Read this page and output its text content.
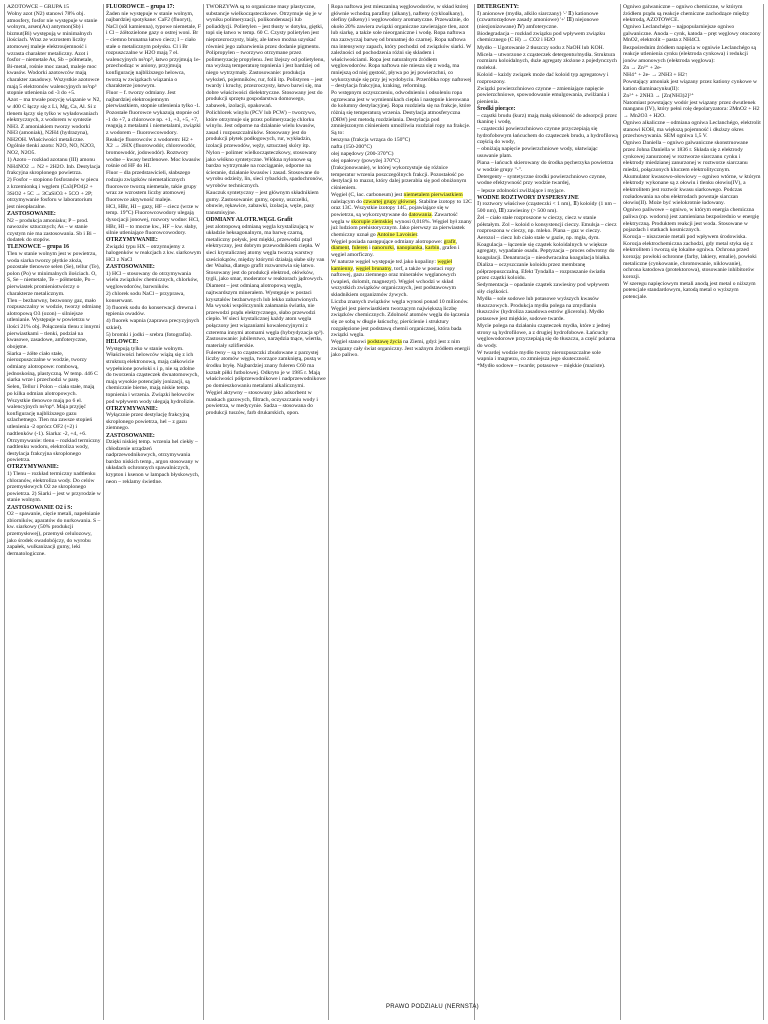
AZOTOWCE – GRUPA 15
Wolny azot (N2) stanowi 78% obj. atmosfery, fosfor nie występuje w stanie wolnym, arsen(As) antymon(Sb) i bizmut(Bi) występują w minimalnych ilościach. Wraz ze wzrostem liczby atomowej maleje elektroujemność i wzrasta charakter metaliczny. Azot i fosfor – niemetale As, Sb – półmetale, Bi-metal, rośnie moc zasad, maleje moc kwasów. Wodorki azotowców mają charakter zasadowy. Wszystkie azotowce mają 5 elektronów walencyjnych ns²np³ stopnie utlenienia od -3 do +5.
Azot – ma trwałe pozycję wiązanie w N2, w 400 C łączy się z Li, Mg, Ca, Al. Si z tlenem łączy się tylko w wyładowaniach elektrycznych, z wodorem w syntezie NH3. Z amoniakiem tworzy wodorki NH3 (amoniak), N2H4 (hydrazyna), NH2OH. Właściwości metaliczne. Ogólnie tlenki azotu: N2O, NO, N2O3, NO2, N2O5.
1) Azoto – rozkład azotanu (III) amonu NH4NO2 → N2 + 2H2O. Inb. Destylacja frakcyjna skroplonego powietrza.
2) Fosfor – stopiono fosforanów w piecu z krzemionką i węglem (Ca3(PO4)2 + 3SiO2 + 5C → 3CaSiO3 + 5CO + 2P; otrzymywanie fosforu w laboratorium jest nieopłacalne.
ZASTOSOWANIE:
N2 – produkcja amoniaku; P – prod. nawozów sztucznych; As – w stanie czystym nie ma zastosowania. Sb i Bi – dodatek do stopów.
TLENOWCE – grupa 16
Tlen w stanie wolnym jest w powietrzu, woda siarka tworzy płytkie złoża, pozostałe tlenowce selen (Se), tellur (Te), polon (Po) w minimalnych ilościach. O, S, Se – niemetale, Te – półmetale, Po – pierwiastek promieniotwórczy o charakterze metalicznym.
Tlen – bezbarwny, bezwonny gaz, mało rozpuszczalny w wodzie, tworzy odmianę alotropową O3 (ozon) – silniejsze utlenianie. Występuje w powietrzu w ilości 21% obj. Połączenia tlenu z innymi pierwiastkami – tlenki, podział na kwasowe, zasadowe, amfoteryczne, obojętne.
Siarka – żółte ciało stałe, nierozpuszczalne w wodzie, tworzy odmiany alotropowe: rombową, jednoskośną, plastyczną. W temp. 446 C siarka wrze i przechodzi w parę.
Selen, Tellur i Polon – ciała stałe, mają po kilka odmian alotropowych. Wszystkie tlenowce mają po 6 el. walencyjnych ns²np⁴. Maja przyjęć konfigurację najbliższego gazu szlachetnego. Tlen ma zawsze stopień utlenienia -2 oprócz OF2 (+2) i nadtlenków (-1). Siarka: -2, +4, +6.
Otrzymywanie: tlenu – rozkład termiczny nadtlenku wodoru, elektroliza wody, destylacja frakcyjna skroplonego powietrza.
OTRZYMYWANIE:
1) Tlenu – rozkład termiczny nadtlenku chloranów, elektroliza wody. Do celów przemysłowych O2 ze skroplonego powietrza. 2) Siarki – jest w przyrodzie w stanie wolnym.
ZASTOSOWANIE O2 i S:
O2 – spawanie, cięcie metali, napełnianie zbiorników, aparatów do nurkowania. S – kw. siarkowy (50% produkcji przemysłowej), przemysł celulozowy, jako środek owadobójczy, do wyrobu zapałek, wulkanizacji gumy, leki dermatologiczne.
FLUOROWCE – grupa 17:
Żaden nie występuje w stanie wolnym, najbardziej spotykane: CaF2 (fluoryt), NaCl (sól kamienna), typowe niemetale, F i Cl – żółtozielone gazy o ostrej woni. Br – ciemno brunatna łatwo ciecz; I – ciało stałe o metalicznym połysku. Cl i Br rozpuszczalne w H2O mają 7 el. walencyjnych ns²np⁵, łatwo przyjmują 1e- przechodząc w aniony, przyjmują konfigurację najbliższego helowca, tworzą w związkach wiązania o charakterze jonowym.
Fluor – f. tworzy odmiany. Jest najbardziej elektroujemnym pierwiastkiem, stopnie utlenienia tylko -1. Pozostałe fluorowce wykazują stopnie od -1 do +7, a chlorowce np. +1, +3, +5, +7, reagują z metalami i niemetalami, związki z wodorem – fluorowcowodory.
Reakcje fluorowców z wodorem: H2 + X2 → 2HX (fluorowodór, chlorowodór, bromowodór, jodowodór). Roztwory wodne – kwasy beztlenowe. Moc kwasów rośnie od HF do HI.
Fluor – dla przedstawicieli, słabszego rodzaju związków niemetalicznych fluorowce tworzą niemetale, takie grupy wraz ze wzrostem liczby atomowej fluorowce aktywność maleje.
HCl, HBr, HI – gazy, HF – ciecz (wrze w temp. 19°C) Fluorowcowodory ulegają dysocjacji jonowej, rozwory wodne: HCl, HBr, HI – to mocne kw., HF – kw. słaby, silnie utleniające fluorowcowodory.
OTRZYMYWANIE:
Związki typu HX – otrzymujemy z halogenków w reakcjach z kw. siarkowym HCl z NaCl
ZASTOSOWANIE:
1) HCl – stosowany do otrzymywania wielu związków chemicznych, chlorków, węglowodorów, barwników.
2) chlorek sodu NaCl – przyprawa, konserwant.
3) fluorek sodu do konserwacji drewna i tępienia owadów.
4) fluorek wapnia (zaprawa precyzyjnych szkieł).
5) bromki i jodki – srebra (fotografia).
HELOWCE:
Występują tylko w stanie wolnym. Właściwości helowców wiążą się z ich strukturą elektronową, mają całkowicie wypełnione powłoki s i p, nie są zdolne do tworzenia cząsteczek dwuatomowych, mają wysokie potencjały jonizacji, są chemicznie bierne, mają niskie temp. topnienia i wrzenia. Związki helowców pod wpływem wody ulegają hydrolizie.
OTRZYMYWANIE:
Wyłącznie przez destylację frakcyjną skroplonego powietrza, hel – z gazu ziemnego.
ZASTOSOWANIE:
Dzięki niskiej temp. wrzenia hel ciekły – chłodzenie urządzeń nadprzewodnikowych, otrzymywania bardzo niskich temp., argon stosowany w układach ochronnych spawalniczych, krypton i ksenon w lampach błyskowych, neon – reklamy świetlne.
TWORZYWA są to organiczne masy plastyczne, substancje wielkocząsteczkowe. Otrzymuje się je w wyniku polimeryzacji, polikondensacji lub poliaddycji. Polietylen – jest tłusty w dotyku, giętki, topi się łatwo w temp. 60 C. Czysty polietylen jest nieprzezroczysty, biały, ale łatwo można uzyskać również jego zabarwienia przez dodanie pigmentu. Polipropylen – tworzywo otrzymane przez polimeryzację propylenu. Jest lżejszy od polietylenu, ma wyższą temperaturę topnienia i jest bardziej od niego wytrzymały. Zastosowanie: produkcja wyłożeń, pojemników, rur, folii itp. Polistyren – jest twardy i kruchy, przezroczysty, łatwo barwi się, ma dobre właściwości dielektryczne. Stosowany jest do produkcji sprzętu gospodarstwa domowego, zabawek, izolacji, opakowań.
Polichlorek winylu (PCV lub PCW) – tworzywo, które otrzymuje się przez polimeryzację chlorku winylu. Jest odporne na działanie wielu kwasów, zasad i rozpuszczalników. Stosowany jest do produkcji płytek podłogowych, rur, wykładzin, izolacji przewodów, węży, sztucznej skóry itp.
Nylon – polimer wielkocząsteczkowy, stosowany jako włókno syntetyczne. Włókna nylonowe są bardzo wytrzymałe na rozciąganie, odporne na ścieranie, działanie kwasów i zasad. Stosowane do wyrobu odzieży, lin, sieci rybackich, spadochronów, wyrobów technicznych.
Kauczuk syntetyczny – jest głównym składnikiem gumy. Zastosowanie: gumy, opony, uszczelki, obuwie, rękawice, zabawki, izolacja, węże, pasy transmisyjne.
ODMIANY ALOTR.WĘGL Grafit
jest alotropową odmianą węgla krystalizującą w układzie heksagonalnym, ma barwę czarną, metaliczny połysk, jest miękki, przewodzi prąd elektryczny, jest dobrym przewodnikiem ciepła. W sieci krystalicznej atomy węgla tworzą warstwy sześciokątów, między którymi działają słabe siły van der Waalsa, dlatego grafit rozwarstwia się łatwo. Stosowany jest do produkcji elektrod, ołówków, tygli, jako smar, moderator w reaktorach jądrowych.
Diament – jest odmianą alotropową węgla, najtwardszym minerałem. Występuje w postaci kryształów bezbarwnych lub lekko zabarwionych. Ma wysoki współczynnik załamania światła, nie przewodzi prądu elektrycznego, słabo przewodzi ciepło. W sieci krystalicznej każdy atom węgla połączony jest wiązaniami kowalencyjnymi z czterema innymi atomami węgla (hybrydyzacja sp³). Zastosowanie: jubilerstwo, narzędzia tnące, wiertła, materiały szlifierskie.
Fulereny – są to cząsteczki zbudowane z parzystej liczby atomów węgla, tworzące zamkniętą, pustą w środku bryłę. Najbardziej znany fuleren C60 ma kształt piłki futbolowej. Odkryto je w 1985 r. Mają właściwości półprzewodnikowe i nadprzewodnikowe po domieszkowaniu metalami alkalicznymi.
Węgiel aktywny – stosowany jako adsorbent w maskach gazowych, filtrach, oczyszczaniu wody i powietrza, w medycynie. Sadza – stosowana do produkcji tuszów, farb drukarskich, opon.
Ropa naftowa jest mieszaniną węglowodorów, w skład której głównie wchodzą parafiny (alkany), nafteny (cykloalkany), olefiny (alkeny) i węglowodory aromatyczne. Przeważnie, do około 20% zawiera związki organiczne zawierające tlen, azot lub siarkę, a także sole nieorganiczne i wodę. Ropa naftowa ma zazwyczaj barwę od brunatnej do czarnej. Ropa naftowa ma intensywny zapach, który pochodzi od związków siarki. W zależności od pochodzenia różni się składem i właściwościami. Ropa jest naturalnym źródłem węglowodorów. Ropa naftowa nie miesza się z wodą, ma mniejszą od niej gęstość, pływa po jej powierzchni, co wykorzystuje się przy jej wydobyciu. Przeróbka ropy naftowej – destylacja frakcyjna, kraking, reforming.
Po wstępnym oczyszczeniu, odwodnieniu i odsoleniu ropa ogrzewana jest w wymiennikach ciepła i następnie kierowana do kolumny destylacyjnej. Ropa rozdziela się na frakcje, które różnią się temperaturą wrzenia. Destylacja atmosferyczna (DRW) jest metodą rozdzielania. Destylacja pod zmniejszonym ciśnieniem umożliwia rozdział ropy na frakcje. Są to:
benzyna (frakcja wrząca do 150°C)
nafta (150-200°C)
olej napędowy (200-370°C)
olej opałowy (powyżej 370°C)
(frakcjonowanie), w której wykorzystuje się różnice temperatur wrzenia poszczególnych frakcji. Pozostałość po destylacji to mazut, który dalej przerabia się pod obniżonym ciśnieniem.
Węgiel (C, łac. carboneum) jest niemetalem pierwiastkiem należącym do czwartej grupy głównej. Stabilne izotopy to 12C oraz 13C. Wszystkie izotopy 14C, pojawiające się w powietrzu, są wykorzystywane do datowania. Zawartość węgla w skorupie ziemskiej wynosi 0,018%. Węgiel był znany już ludziom prehistorycznym. Jako pierwszy za pierwiastek chemiczny uznał go Antoine Lavoisier.
Węgiel posiada następujące odmiany alotropowe: grafit, diament, fuleren i nanorurki, nanopianka, karbin, grafen i węgiel amorficzny.
W naturze węgiel występuje też jako kopaliny: węgiel kamienny, węgiel brunatny, torf, a także w postaci ropy naftowej, gazu ziemnego oraz minerałów węglanowych (wapień, dolomit, magnezyt). Węgiel wchodzi w skład wszystkich związków organicznych, jest podstawowym składnikiem organizmów żywych.
Liczba znanych związków węgla wynosi ponad 10 milionów. Węgiel jest pierwiastkiem tworzącym największą liczbę związków chemicznych. Zdolność atomów węgla do łączenia się ze sobą w długie łańcuchy, pierścienie i struktury rozgałęzione jest podstawą chemii organicznej, która bada związki węgla.
Węgiel stanowi podstawę życia na Ziemi, gdyż jest z nim związany cały świat organiczny. Jest ważnym źródłem energii jako paliwo.
DETERGENTY:
Ⅰ) anionowe (mydła, alkilo siarczany) '-' Ⅱ) kationowe (czwartorzędowe zasady amoniowe) '+' Ⅲ) niejonowe (niezjonizowane) Ⅳ) amfoteryczne.
Biodegradacja – rozkład związku pod wpływem związku chemicznego (C H) → CO2 i H2O
Mydło – Ugotowanie 2 tłuszczy sodu z NaOH lub KOH.
Micela – utworzone z cząsteczek detergentu/mydła. Struktura rozmiaru koloidalnych, duże agregaty złożone z pojedynczych molekuł.
Koloid – każdy związek może dać koloid typ agregatowy i rozproszony.
Związki powierzchniowo czynne – zmieniające napięcie powierzchniowe, spowodowanie emulgowania, zwilżania i pienienia.
Środki piorące:
– cząstki brudu (kurz) mają małą skłonność do adsorpcji przez tkaninę i wodę,
– cząsteczki powierzchniowo czynne przyczepiają się hydrofobowym łańcuchem do cząsteczek brudu, a hydrofilową częścią do wody,
– obniżają napięcie powierzchniowe wody, ułatwiając usuwanie plam.
Piana – łańcuch skierowany do środka pęcherzyka powietrza w wodzie grupy "-".
Detergenty – syntetyczne środki powierzchniowo czynne, wodne efektywność przy wodzie twardej,
– lepsze zdolności zwilżające i myjące.
WODNE ROZTWORY DYSPERSYJNE
Ⅰ) roztwory właściwe (cząsteczki < 1 nm), Ⅱ) koloidy (1 nm – 500 nm), Ⅲ) zawiesiny (> 500 nm).
Żel – ciało stałe rozproszone w cieczy, ciecz w stanie półstałym. Zol – koloid o konsystencji cieczy. Emulsja – ciecz rozproszona w cieczy, np. mleko. Piana – gaz w cieczy. Aerozol – ciecz lub ciało stałe w gazie, np. mgła, dym.
Koagulacja – łączenie się cząstek koloidalnych w większe agregaty, wypadanie osadu. Peptyzacja – proces odwrotny do koagulacji. Denaturacja – nieodwracalna koagulacja białka.
Dializa – oczyszczanie koloidu przez membranę półprzepuszczalną. Efekt Tyndalla – rozpraszanie światła przez cząstki koloidu.
Sedymentacja – opadanie cząstek zawiesiny pod wpływem siły ciężkości.
Mydła – sole sodowe lub potasowe wyższych kwasów tłuszczowych. Produkcja mydła polega na zmydlaniu tłuszczów (hydroliza zasadowa estrów glicerolu). Mydło potasowe jest miękkie, sodowe twarde.
Mycie polega na działaniu cząsteczek mydła, które z jednej strony są hydrofilowe, a z drugiej hydrofobowe. Łańcuchy węglowodorowe przyczepiają się do tłuszczu, a część polarna do wody.
W twardej wodzie mydło tworzy nierozpuszczalne sole wapnia i magnezu, co zmniejsza jego skuteczność.
*Mydło sodowe – twarde; potasowe – miękkie (maziste).
Ogniwo galwaniczne – ogniwo chemiczne, w którym źródłem prądu są reakcje chemiczne zachodzące między elektrodą, AZOTOWCE.
Ogniwo Leclanchégo – najpopularniejsze ogniwo galwaniczne. Anoda – cynk, katoda – pręt węglowy otoczony MnO2, elektrolit – pasta z NH4Cl.
Bezpośrednim źródłem napięcia w ogniwie Leclanchégo są reakcje utlenienia cynku (elektroda cynkowa) i redukcji jonów amonowych (elektroda węglowa):
Zn → Zn²⁺ + 2e-
NH4⁺ + 2e- → 2NH3 + H2↑
Powstający amoniak jest wiązany przez kationy cynkowe w kation diaminacynku(II):
Zn²⁺ + 2NH3 → [Zn(NH3)2]²⁺
Natomiast powstający wodór jest wiązany przez dwutlenek manganu (IV), który pełni rolę depolaryzatora: 2MnO2 + H2 → Mn2O3 + H2O.
Ogniwo alkaliczne – odmiana ogniwa Leclanchégo, elektrolit stanowi KOH, ma większą pojemność i dłuższy okres przechowywania. SEM ogniwa 1,5 V.
Ogniwo Daniella – ogniwo galwaniczne skonstruowane przez Johna Daniella w 1836 r. Składa się z elektrody cynkowej zanurzonej w roztworze siarczanu cynku i elektrody miedzianej zanurzonej w roztworze siarczanu miedzi, połączonych kluczem elektrolitycznym.
Akumulator kwasowo-ołowiowy – ogniwo wtórne, w którym elektrody wykonane są z ołowiu i tlenku ołowiu(IV), a elektrolitem jest roztwór kwasu siarkowego. Podczas rozładowania na obu elektrodach powstaje siarczan ołowiu(II). Może być wielokrotnie ładowany.
Ogniwo paliwowe – ogniwo, w którym energia chemiczna paliwa (np. wodoru) jest zamieniana bezpośrednio w energię elektryczną. Produktem reakcji jest woda. Stosowane w pojazdach i statkach kosmicznych.
Korozja – niszczenie metali pod wpływem środowiska. Korozja elektrochemiczna zachodzi, gdy metal styka się z elektrolitem i tworzą się lokalne ogniwa. Ochrona przed korozją: powłoki ochronne (farby, lakiery, emalie), powłoki metaliczne (cynkowanie, chromowanie, niklowanie), ochrona katodowa (protektorowa), stosowanie inhibitorów korozji.
W szeregu napięciowym metali anodą jest metal o niższym potencjale standardowym, katodą metal o wyższym potencjale.
PRAWO PODZIAŁU (NERNSTA)
